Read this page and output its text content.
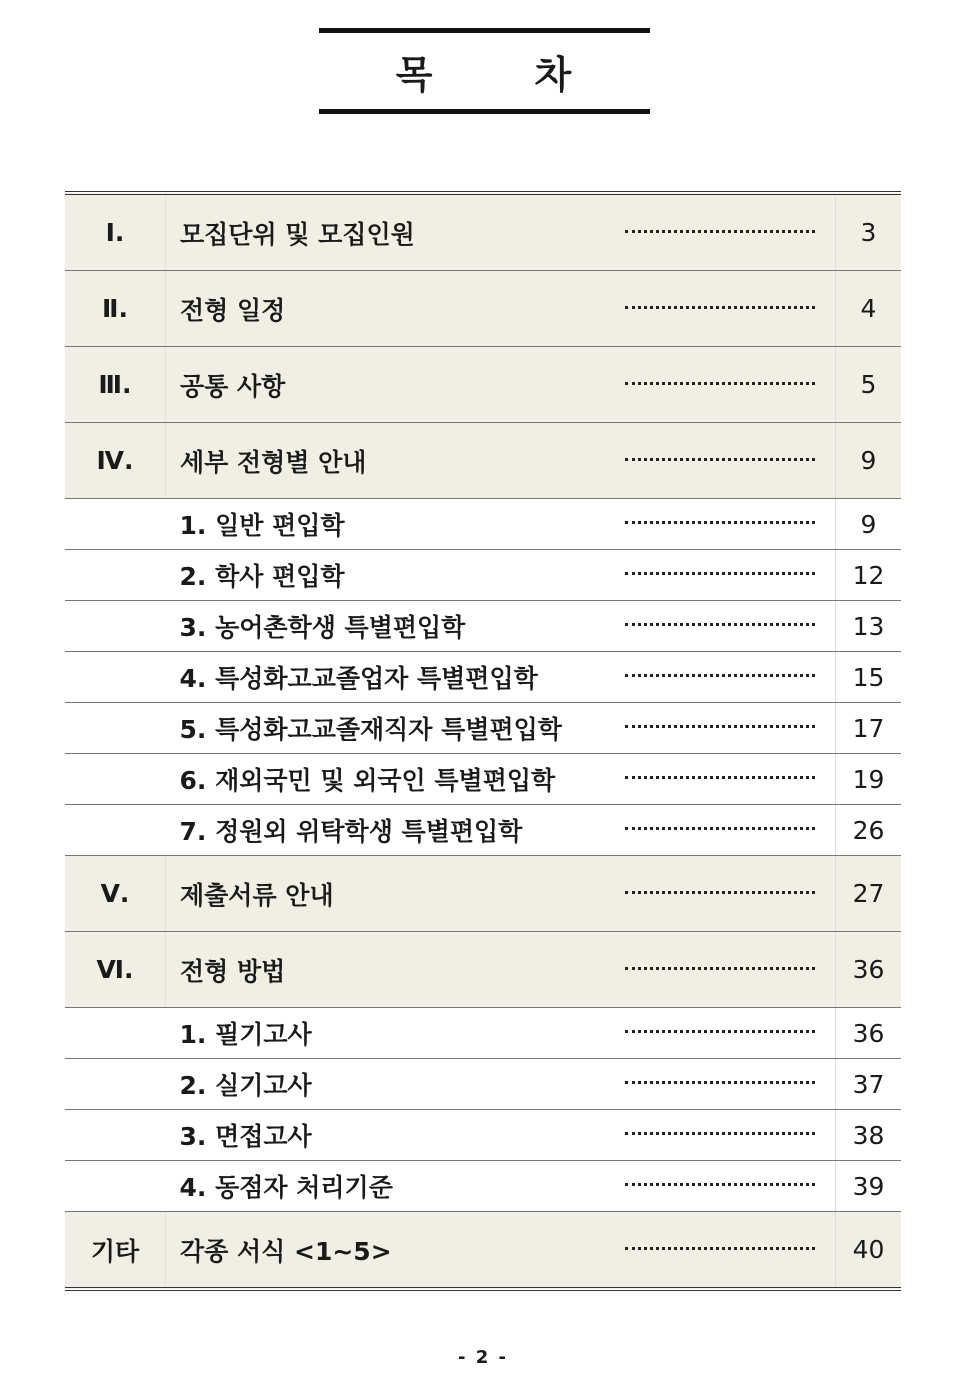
목	차
Ⅰ.	모집단위 및 모집인원		3
Ⅱ.	전형 일정		4
Ⅲ.	공통 사항		5
Ⅳ.	세부 전형별 안내		9
	1. 일반 편입학		9
	2. 학사 편입학		12
	3. 농어촌학생 특별편입학		13
	4. 특성화고교졸업자 특별편입학		15
	5. 특성화고교졸재직자 특별편입학		17
	6. 재외국민 및 외국인 특별편입학		19
	7. 정원외 위탁학생 특별편입학		26
Ⅴ.	제출서류 안내		27
Ⅵ.	전형 방법		36
	1. 필기고사		36
	2. 실기고사		37
	3. 면접고사		38
	4. 동점자 처리기준		39
기타	각종 서식 <1~5>		40
- 2 -
